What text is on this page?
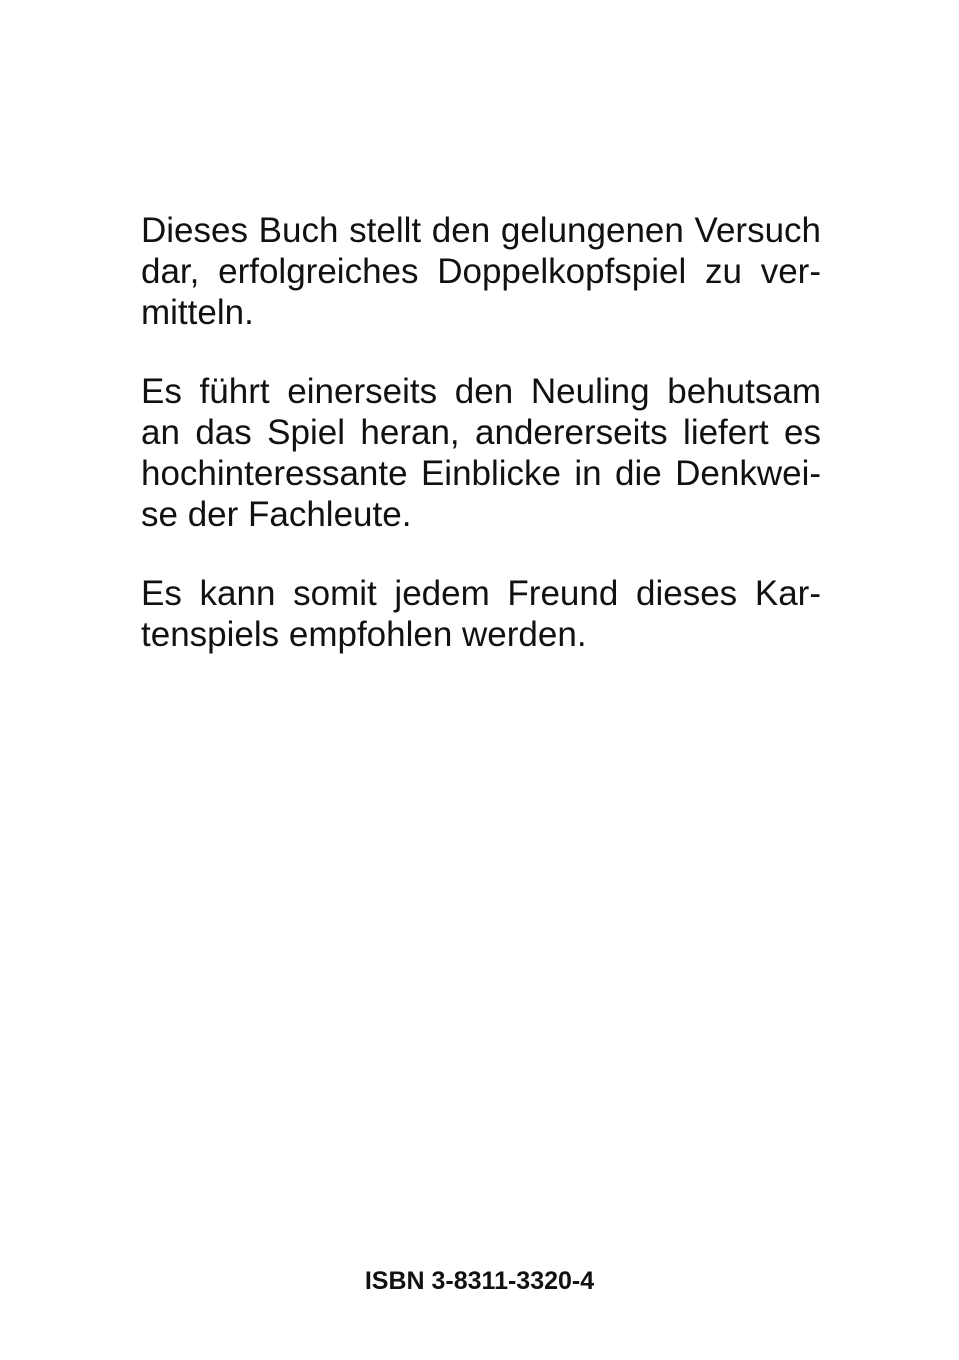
Dieses Buch stellt den gelungenen Versuch
dar, erfolgreiches Doppelkopfspiel zu ver-
mitteln.
Es führt einerseits den Neuling behutsam
an das Spiel heran, andererseits liefert es
hochinteressante Einblicke in die Denkwei-
se der Fachleute.
Es kann somit jedem Freund dieses Kar-
tenspiels empfohlen werden.
ISBN 3-8311-3320-4
